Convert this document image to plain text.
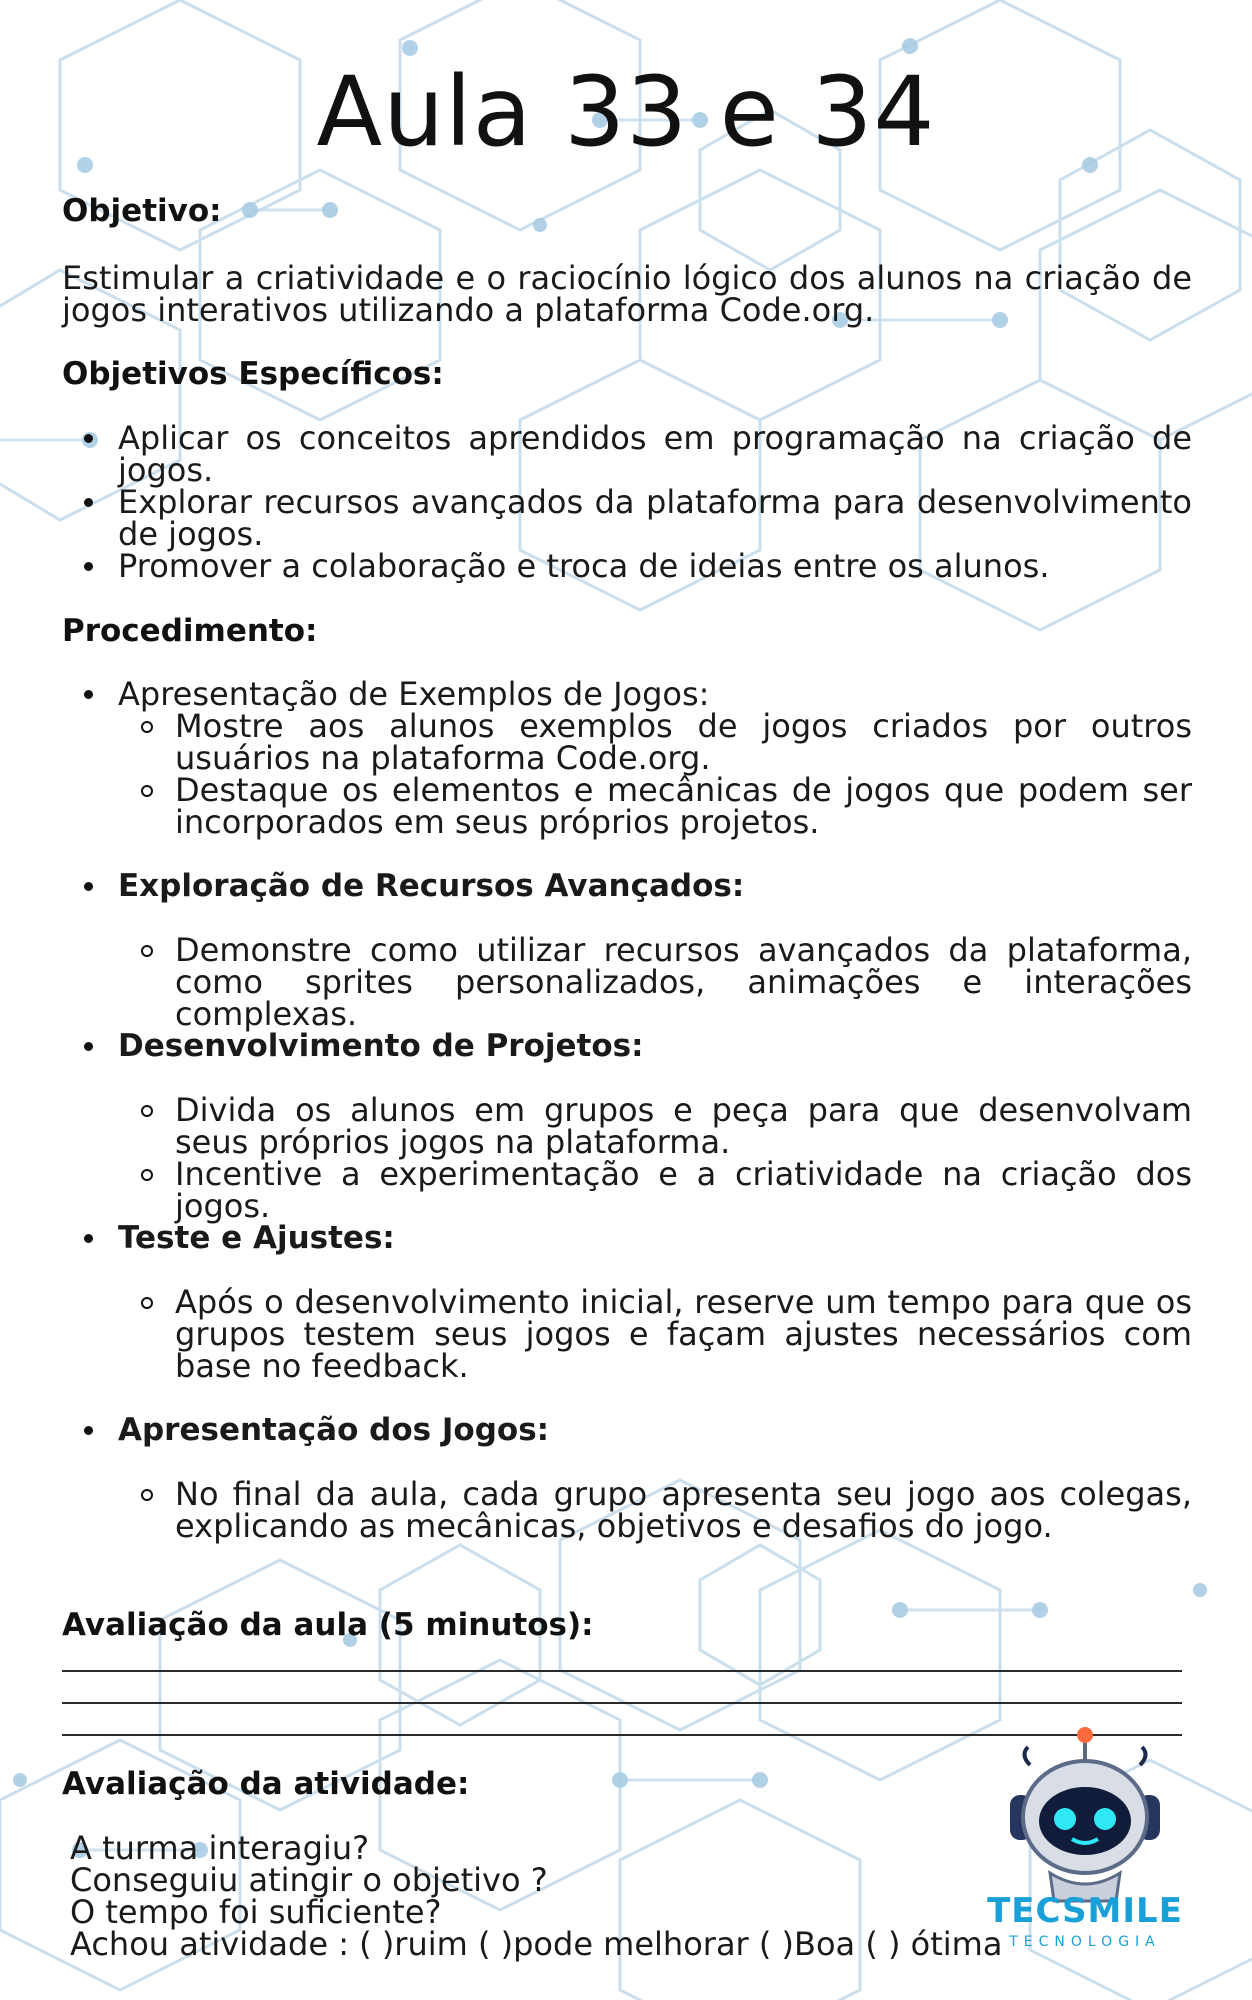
Aula 33 e 34
Objetivo:
Estimular a criatividade e o raciocínio lógico dos alunos na criação de jogos interativos utilizando a plataforma Code.org.
Objetivos Específicos:
Aplicar os conceitos aprendidos em programação na criação de jogos.
Explorar recursos avançados da plataforma para desenvolvimento de jogos.
Promover a colaboração e troca de ideias entre os alunos.
Procedimento:
Apresentação de Exemplos de Jogos:
Mostre aos alunos exemplos de jogos criados por outros usuários na plataforma Code.org.
Destaque os elementos e mecânicas de jogos que podem ser incorporados em seus próprios projetos.
Exploração de Recursos Avançados:
Demonstre como utilizar recursos avançados da plataforma, como sprites personalizados, animações e interações complexas.
Desenvolvimento de Projetos:
Divida os alunos em grupos e peça para que desenvolvam seus próprios jogos na plataforma.
Incentive a experimentação e a criatividade na criação dos jogos.
Teste e Ajustes:
Após o desenvolvimento inicial, reserve um tempo para que os grupos testem seus jogos e façam ajustes necessários com base no feedback.
Apresentação dos Jogos:
No final da aula, cada grupo apresenta seu jogo aos colegas, explicando as mecânicas, objetivos e desafios do jogo.
Avaliação da aula (5 minutos):
Avaliação da atividade:
A turma interagiu?
Conseguiu atingir o objetivo ?
O tempo foi suficiente?
Achou atividade : ( )ruim ( )pode melhorar ( )Boa ( ) ótima
TECSMILE
TECNOLOGIA
